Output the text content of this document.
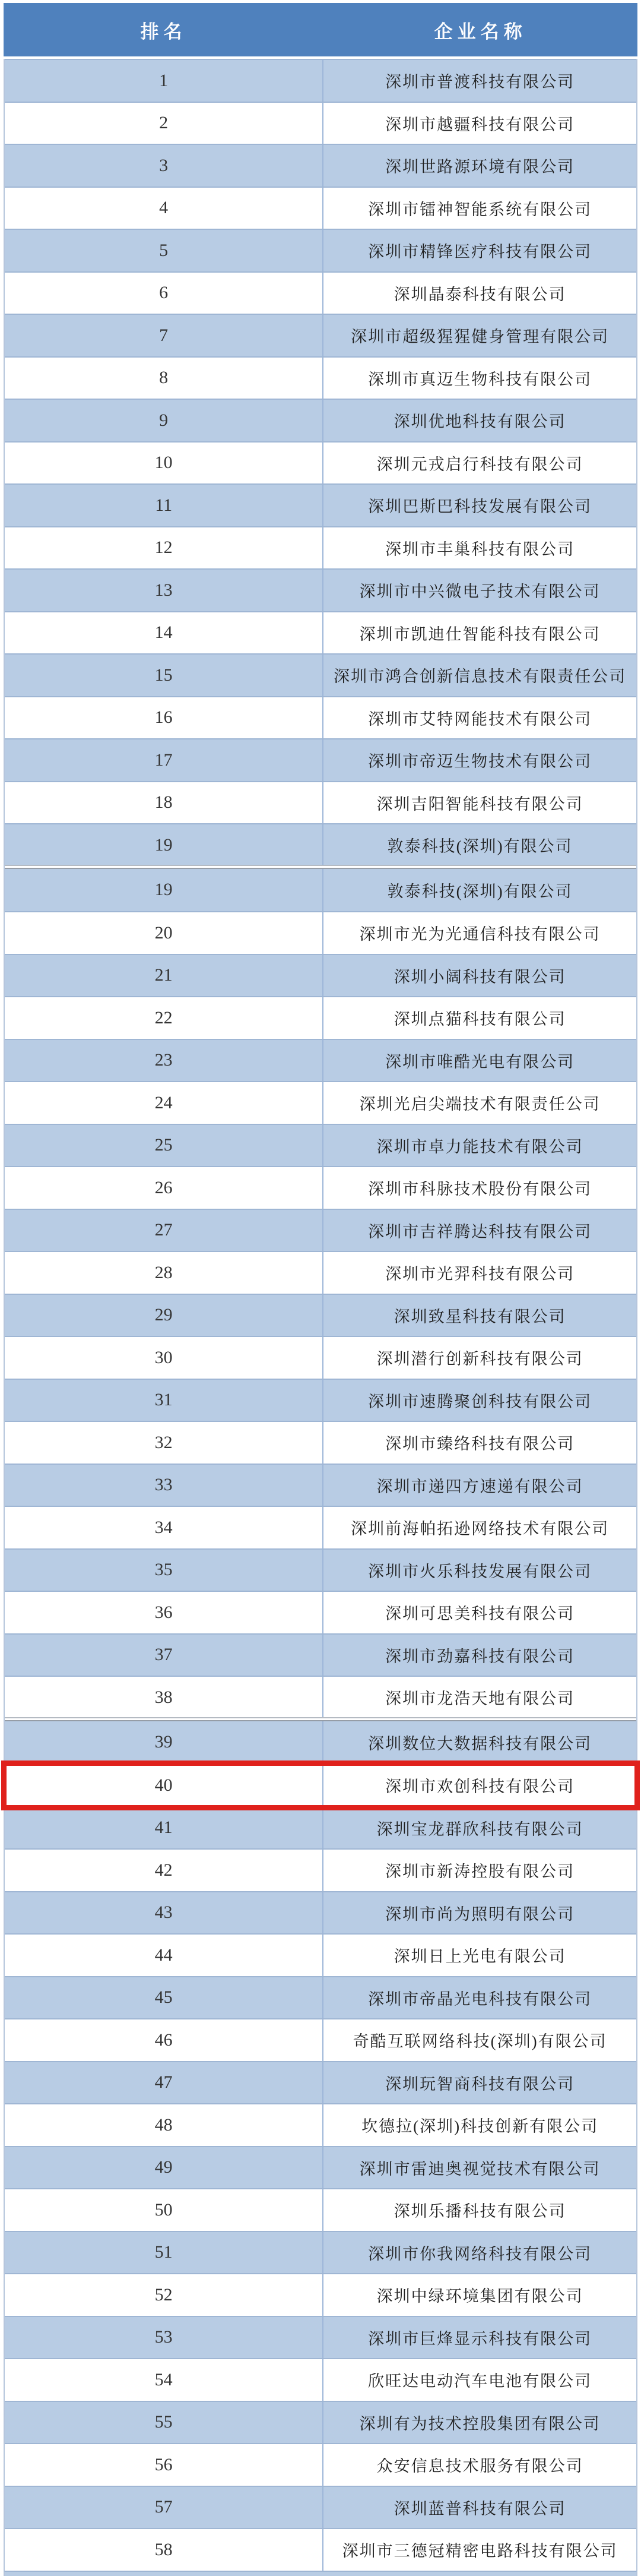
排名	企业名称
1	深圳市普渡科技有限公司
2	深圳市越疆科技有限公司
3	深圳世路源环境有限公司
4	深圳市镭神智能系统有限公司
5	深圳市精锋医疗科技有限公司
6	深圳晶泰科技有限公司
7	深圳市超级猩猩健身管理有限公司
8	深圳市真迈生物科技有限公司
9	深圳优地科技有限公司
10	深圳元戎启行科技有限公司
11	深圳巴斯巴科技发展有限公司
12	深圳市丰巢科技有限公司
13	深圳市中兴微电子技术有限公司
14	深圳市凯迪仕智能科技有限公司
15	深圳市鸿合创新信息技术有限责任公司
16	深圳市艾特网能技术有限公司
17	深圳市帝迈生物技术有限公司
18	深圳吉阳智能科技有限公司
19	敦泰科技(深圳)有限公司
19	敦泰科技(深圳)有限公司
20	深圳市光为光通信科技有限公司
21	深圳小阔科技有限公司
22	深圳点猫科技有限公司
23	深圳市唯酷光电有限公司
24	深圳光启尖端技术有限责任公司
25	深圳市卓力能技术有限公司
26	深圳市科脉技术股份有限公司
27	深圳市吉祥腾达科技有限公司
28	深圳市光羿科技有限公司
29	深圳致星科技有限公司
30	深圳潜行创新科技有限公司
31	深圳市速腾聚创科技有限公司
32	深圳市臻络科技有限公司
33	深圳市递四方速递有限公司
34	深圳前海帕拓逊网络技术有限公司
35	深圳市火乐科技发展有限公司
36	深圳可思美科技有限公司
37	深圳市劲嘉科技有限公司
38	深圳市龙浩天地有限公司
39	深圳数位大数据科技有限公司
40	深圳市欢创科技有限公司
41	深圳宝龙群欣科技有限公司
42	深圳市新涛控股有限公司
43	深圳市尚为照明有限公司
44	深圳日上光电有限公司
45	深圳市帝晶光电科技有限公司
46	奇酷互联网络科技(深圳)有限公司
47	深圳玩智商科技有限公司
48	坎德拉(深圳)科技创新有限公司
49	深圳市雷迪奥视觉技术有限公司
50	深圳乐播科技有限公司
51	深圳市你我网络科技有限公司
52	深圳中绿环境集团有限公司
53	深圳市巨烽显示科技有限公司
54	欣旺达电动汽车电池有限公司
55	深圳有为技术控股集团有限公司
56	众安信息技术服务有限公司
57	深圳蓝普科技有限公司
58	深圳市三德冠精密电路科技有限公司
